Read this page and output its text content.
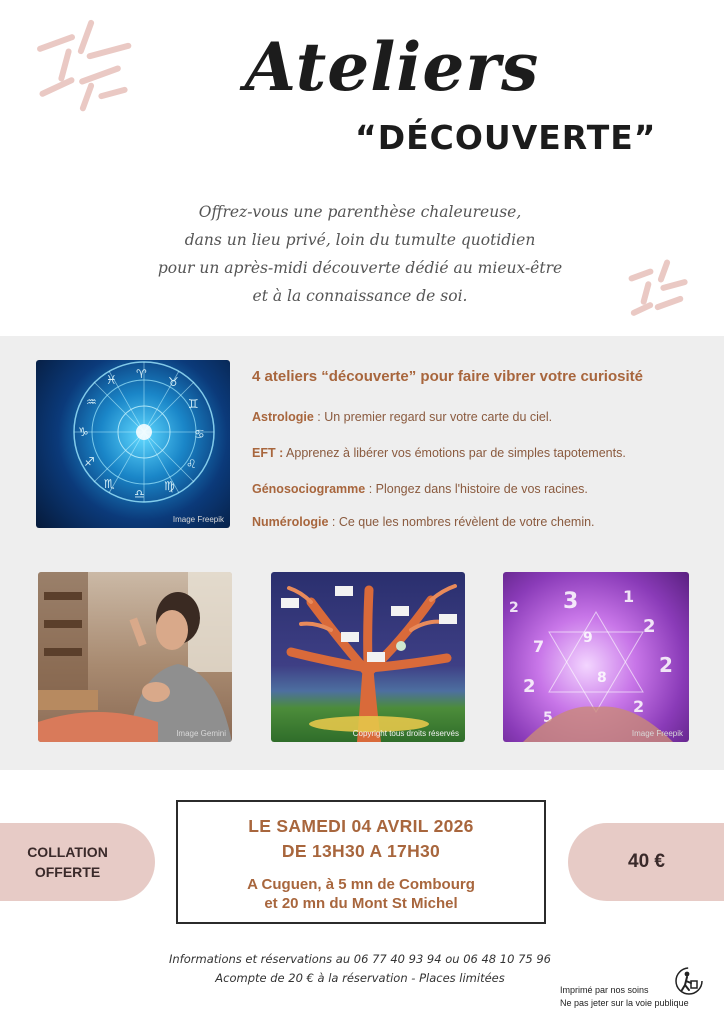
Ateliers
“DÉCOUVERTE”
Offrez-vous une parenthèse chaleureuse,
dans un lieu privé, loin du tumulte quotidien
pour un après-midi découverte dédié au mieux-être
et à la connaissance de soi.
♈
♉
♊
♋
♌
♍
♎
♏
♐
♑
♒
♓
Image Freepik
4 ateliers “découverte” pour faire vibrer votre curiosité
Astrologie : Un premier regard sur votre carte du ciel.
EFT : Apprenez à libérer vos émotions par de simples tapotements.
Génosociogramme : Plongez dans l'histoire de vos racines.
Numérologie : Ce que les nombres révèlent de votre chemin.
Image Gemini	Copyright tous droits réservés
3	1
2
7	9
2
2	8
5
2
2
Image Freepik
COLLATION
OFFERTE
LE SAMEDI 04 AVRIL 2026
DE 13H30 A 17H30
A Cuguen, à 5 mn de Combourg
et 20 mn du Mont St Michel
40 €
Informations et réservations au 06 77 40 93 94 ou 06 48 10 75 96
Acompte de 20 € à la réservation - Places limitées
Imprimé par nos soins
Ne pas jeter sur la voie publique
